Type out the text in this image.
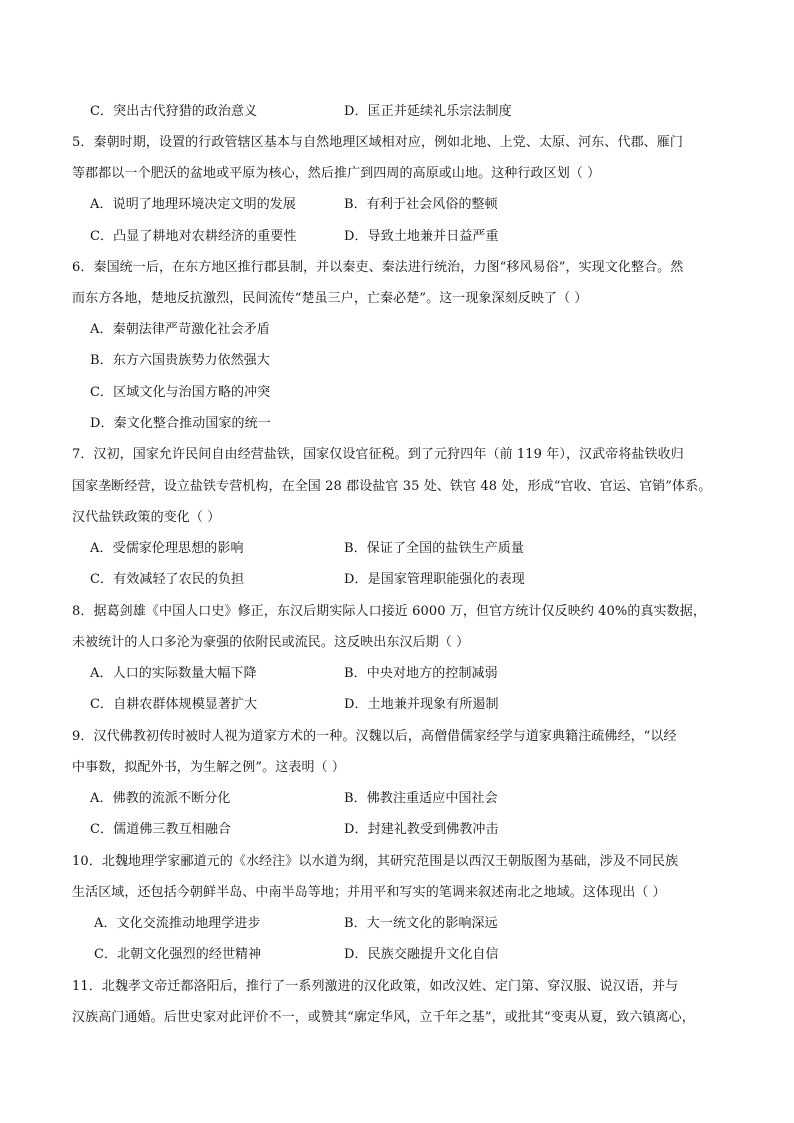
C．突出古代狩猎的政治意义	D．匡正并延续礼乐宗法制度
5．秦朝时期，设置的行政管辖区基本与自然地理区域相对应，例如北地、上党、太原、河东、代郡、雁门
等郡都以一个肥沃的盆地或平原为核心，然后推广到四周的高原或山地。这种行政区划（ ）
A．说明了地理环境决定文明的发展	B．有利于社会风俗的整顿
C．凸显了耕地对农耕经济的重要性	D．导致土地兼并日益严重
6．秦国统一后，在东方地区推行郡县制，并以秦吏、秦法进行统治，力图“移风易俗”，实现文化整合。然
而东方各地，楚地反抗激烈，民间流传“楚虽三户，亡秦必楚”。这一现象深刻反映了（ ）
A．秦朝法律严苛激化社会矛盾
B．东方六国贵族势力依然强大
C．区域文化与治国方略的冲突
D．秦文化整合推动国家的统一
7．汉初，国家允许民间自由经营盐铁，国家仅设官征税。到了元狩四年（前 119 年），汉武帝将盐铁收归
国家垄断经营，设立盐铁专营机构，在全国 28 郡设盐官 35 处、铁官 48 处，形成“官收、官运、官销”体系。
汉代盐铁政策的变化（ ）
A．受儒家伦理思想的影响	B．保证了全国的盐铁生产质量
C．有效减轻了农民的负担	D．是国家管理职能强化的表现
8．据葛剑雄《中国人口史》修正，东汉后期实际人口接近 6000 万，但官方统计仅反映约 40%的真实数据，
未被统计的人口多沦为豪强的依附民或流民。这反映出东汉后期（ ）
A．人口的实际数量大幅下降	B．中央对地方的控制减弱
C．自耕农群体规模显著扩大	D．土地兼并现象有所遏制
9．汉代佛教初传时被时人视为道家方术的一种。汉魏以后，高僧借儒家经学与道家典籍注疏佛经，“以经
中事数，拟配外书，为生解之例”。这表明（ ）
A．佛教的流派不断分化	B．佛教注重适应中国社会
C．儒道佛三教互相融合	D．封建礼教受到佛教冲击
10．北魏地理学家郦道元的《水经注》以水道为纲，其研究范围是以西汉王朝版图为基础，涉及不同民族
生活区域，还包括今朝鲜半岛、中南半岛等地；并用平和写实的笔调来叙述南北之地域。这体现出（ ）
A．文化交流推动地理学进步	B．大一统文化的影响深远
C．北朝文化强烈的经世精神	D．民族交融提升文化自信
11．北魏孝文帝迁都洛阳后，推行了一系列激进的汉化政策，如改汉姓、定门第、穿汉服、说汉语，并与
汉族高门通婚。后世史家对此评价不一，或赞其“廓定华风，立千年之基”，或批其“变夷从夏，致六镇离心，
